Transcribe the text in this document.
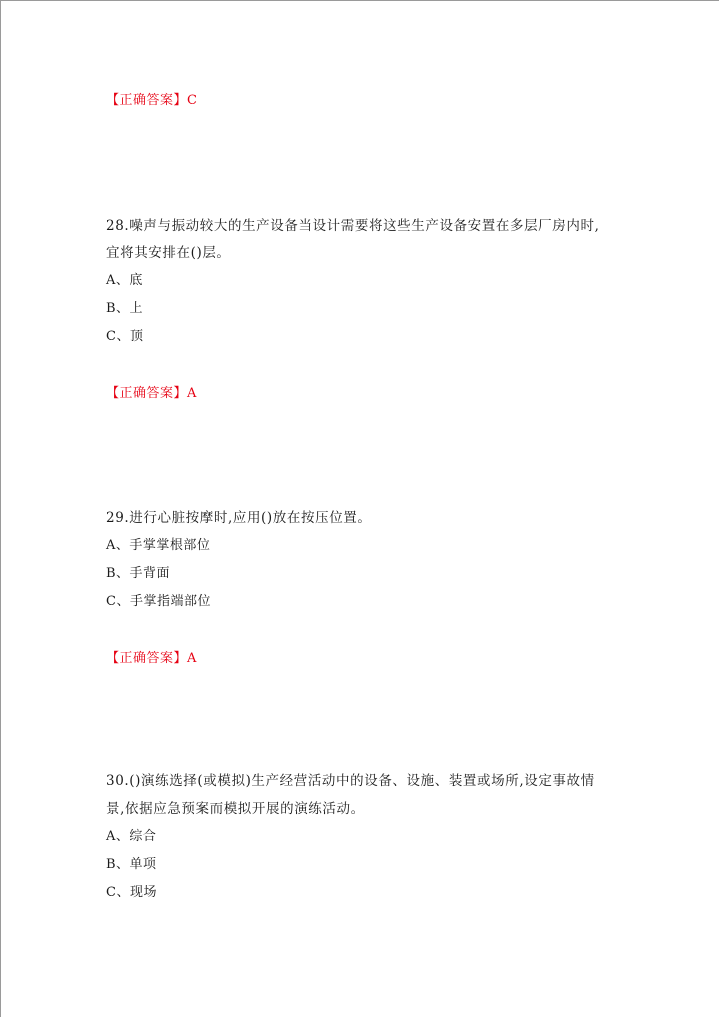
【正确答案】C
28.噪声与振动较大的生产设备当设计需要将这些生产设备安置在多层厂房内时,
宜将其安排在()层。
A、底
B、上
C、顶
【正确答案】A
29.进行心脏按摩时,应用()放在按压位置。
A、手掌掌根部位
B、手背面
C、手掌指端部位
【正确答案】A
30.()演练选择(或模拟)生产经营活动中的设备、设施、装置或场所,设定事故情
景,依据应急预案而模拟开展的演练活动。
A、综合
B、单项
C、现场
